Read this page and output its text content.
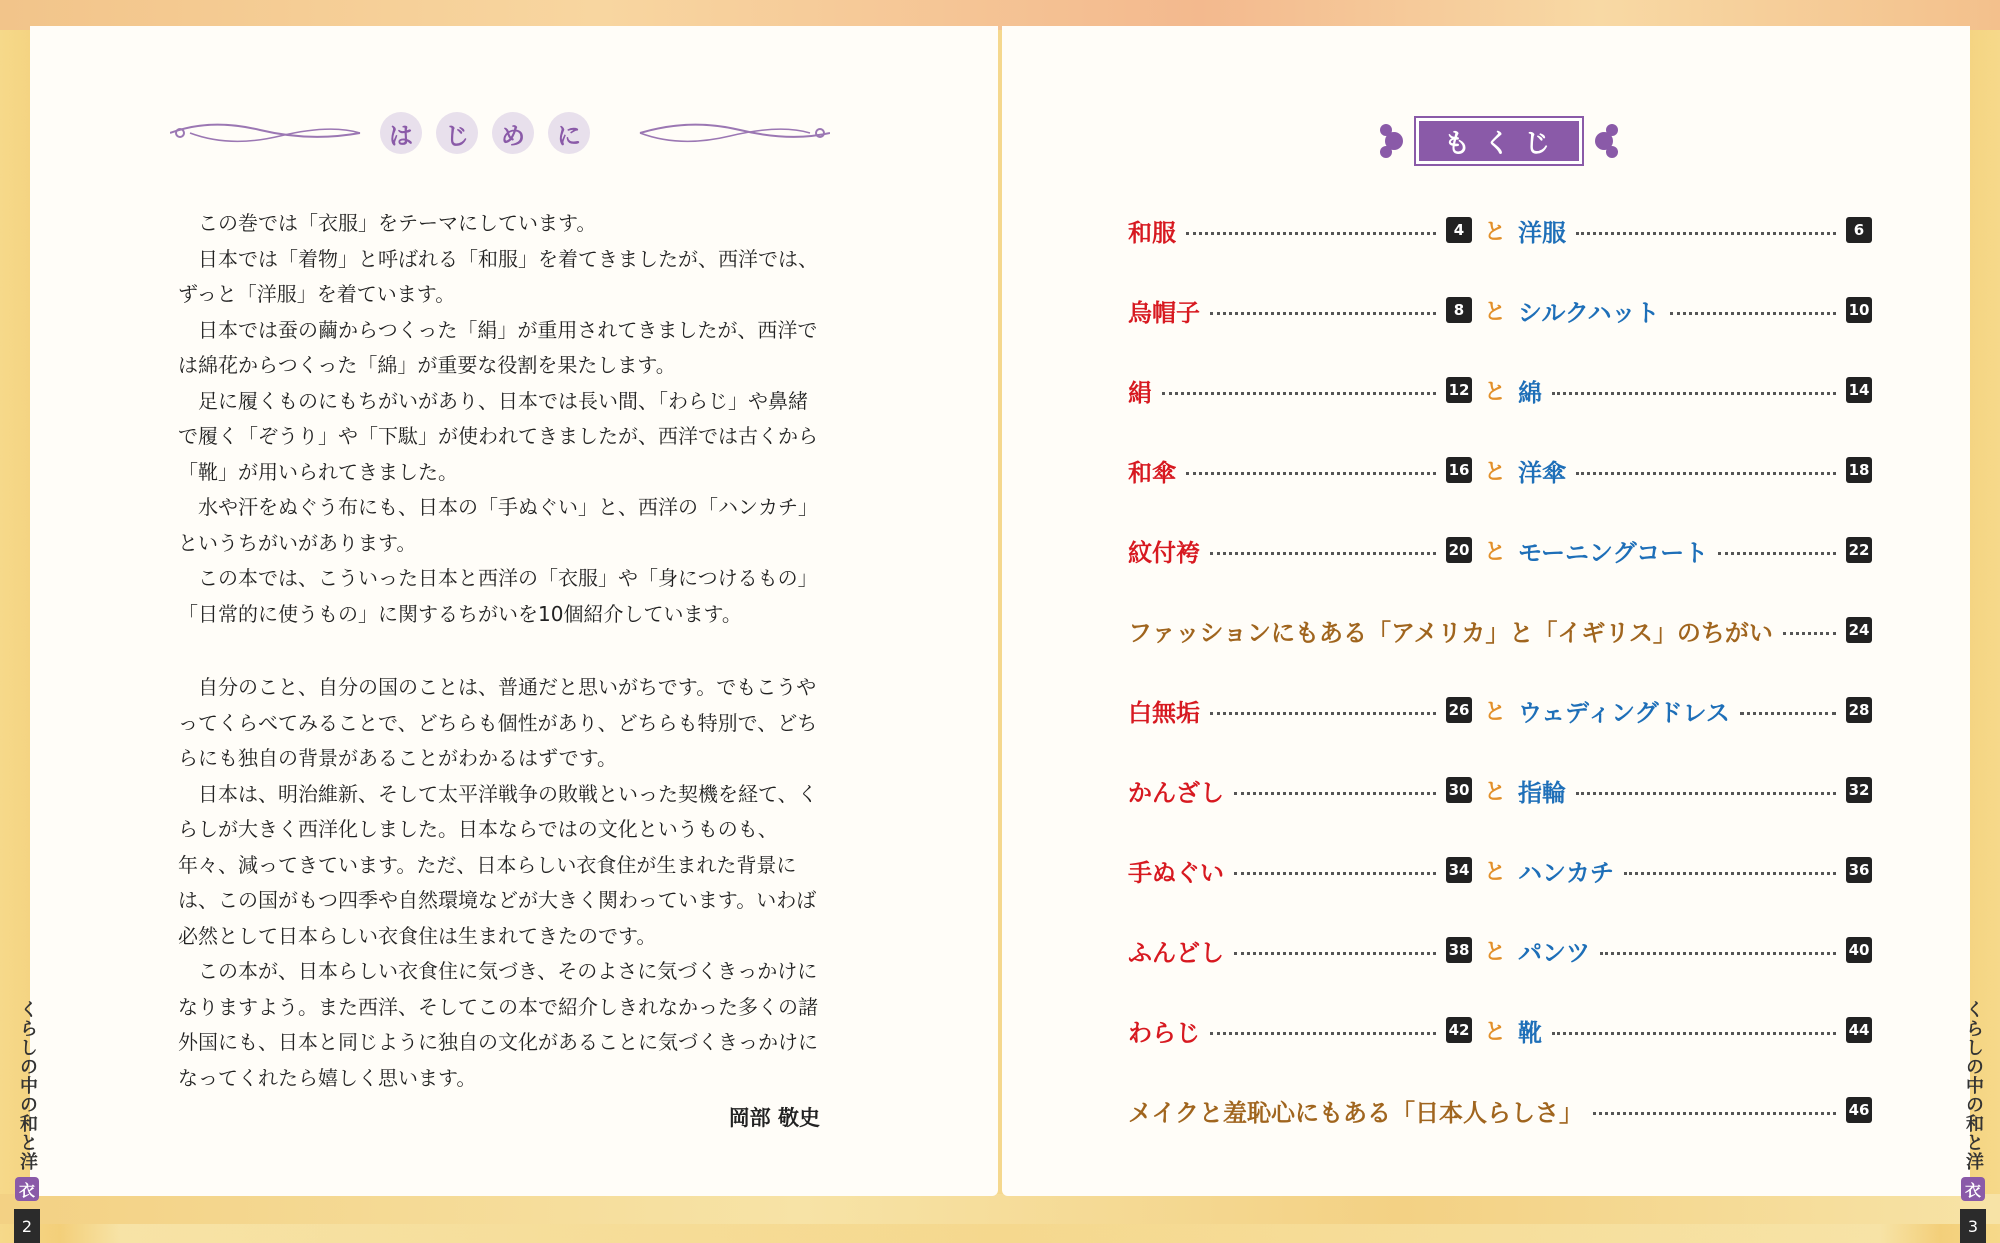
は	じ	め	に

この巻では「衣服」をテーマにしています。

日本では「着物」と呼ばれる「和服」を着てきましたが、西洋では、ずっと「洋服」を着ています。

日本では蚕の繭からつくった「絹」が重用されてきましたが、西洋では綿花からつくった「綿」が重要な役割を果たします。

足に履くものにもちがいがあり、日本では長い間、「わらじ」や鼻緒で履く「ぞうり」や「下駄」が使われてきましたが、西洋では古くから「靴」が用いられてきました。

水や汗をぬぐう布にも、日本の「手ぬぐい」と、西洋の「ハンカチ」というちがいがあります。

この本では、こういった日本と西洋の「衣服」や「身につけるもの」「日常的に使うもの」に関するちがいを10個紹介しています。

自分のこと、自分の国のことは、普通だと思いがちです。でもこうやってくらべてみることで、どちらも個性があり、どちらも特別で、どちらにも独自の背景があることがわかるはずです。

日本は、明治維新、そして太平洋戦争の敗戦といった契機を経て、くらしが大きく西洋化しました。日本ならではの文化というものも、年々、減ってきています。ただ、日本らしい衣食住が生まれた背景には、この国がもつ四季や自然環境などが大きく関わっています。いわば必然として日本らしい衣食住は生まれてきたのです。

この本が、日本らしい衣食住に気づき、そのよさに気づくきっかけになりますよう。また西洋、そしてこの本で紹介しきれなかった多くの諸外国にも、日本と同じように独自の文化があることに気づくきっかけになってくれたら嬉しく思います。

岡部 敬史
くらしの中の和と洋
衣
2
もくじ
和服	4 と 洋服	6
烏帽子	8 と シルクハット	10
絹	12 と 綿	14
和傘	16 と 洋傘	18
紋付袴	20 と モーニングコート	22
ファッションにもある「アメリカ」と「イギリス」のちがい	24
白無垢	26 と ウェディングドレス	28
かんざし	30 と 指輪	32
手ぬぐい	34 と ハンカチ	36
ふんどし	38 と パンツ	40
わらじ	42 と 靴	44
メイクと羞恥心にもある「日本人らしさ」	46	くらしの中の和と洋
衣
3
